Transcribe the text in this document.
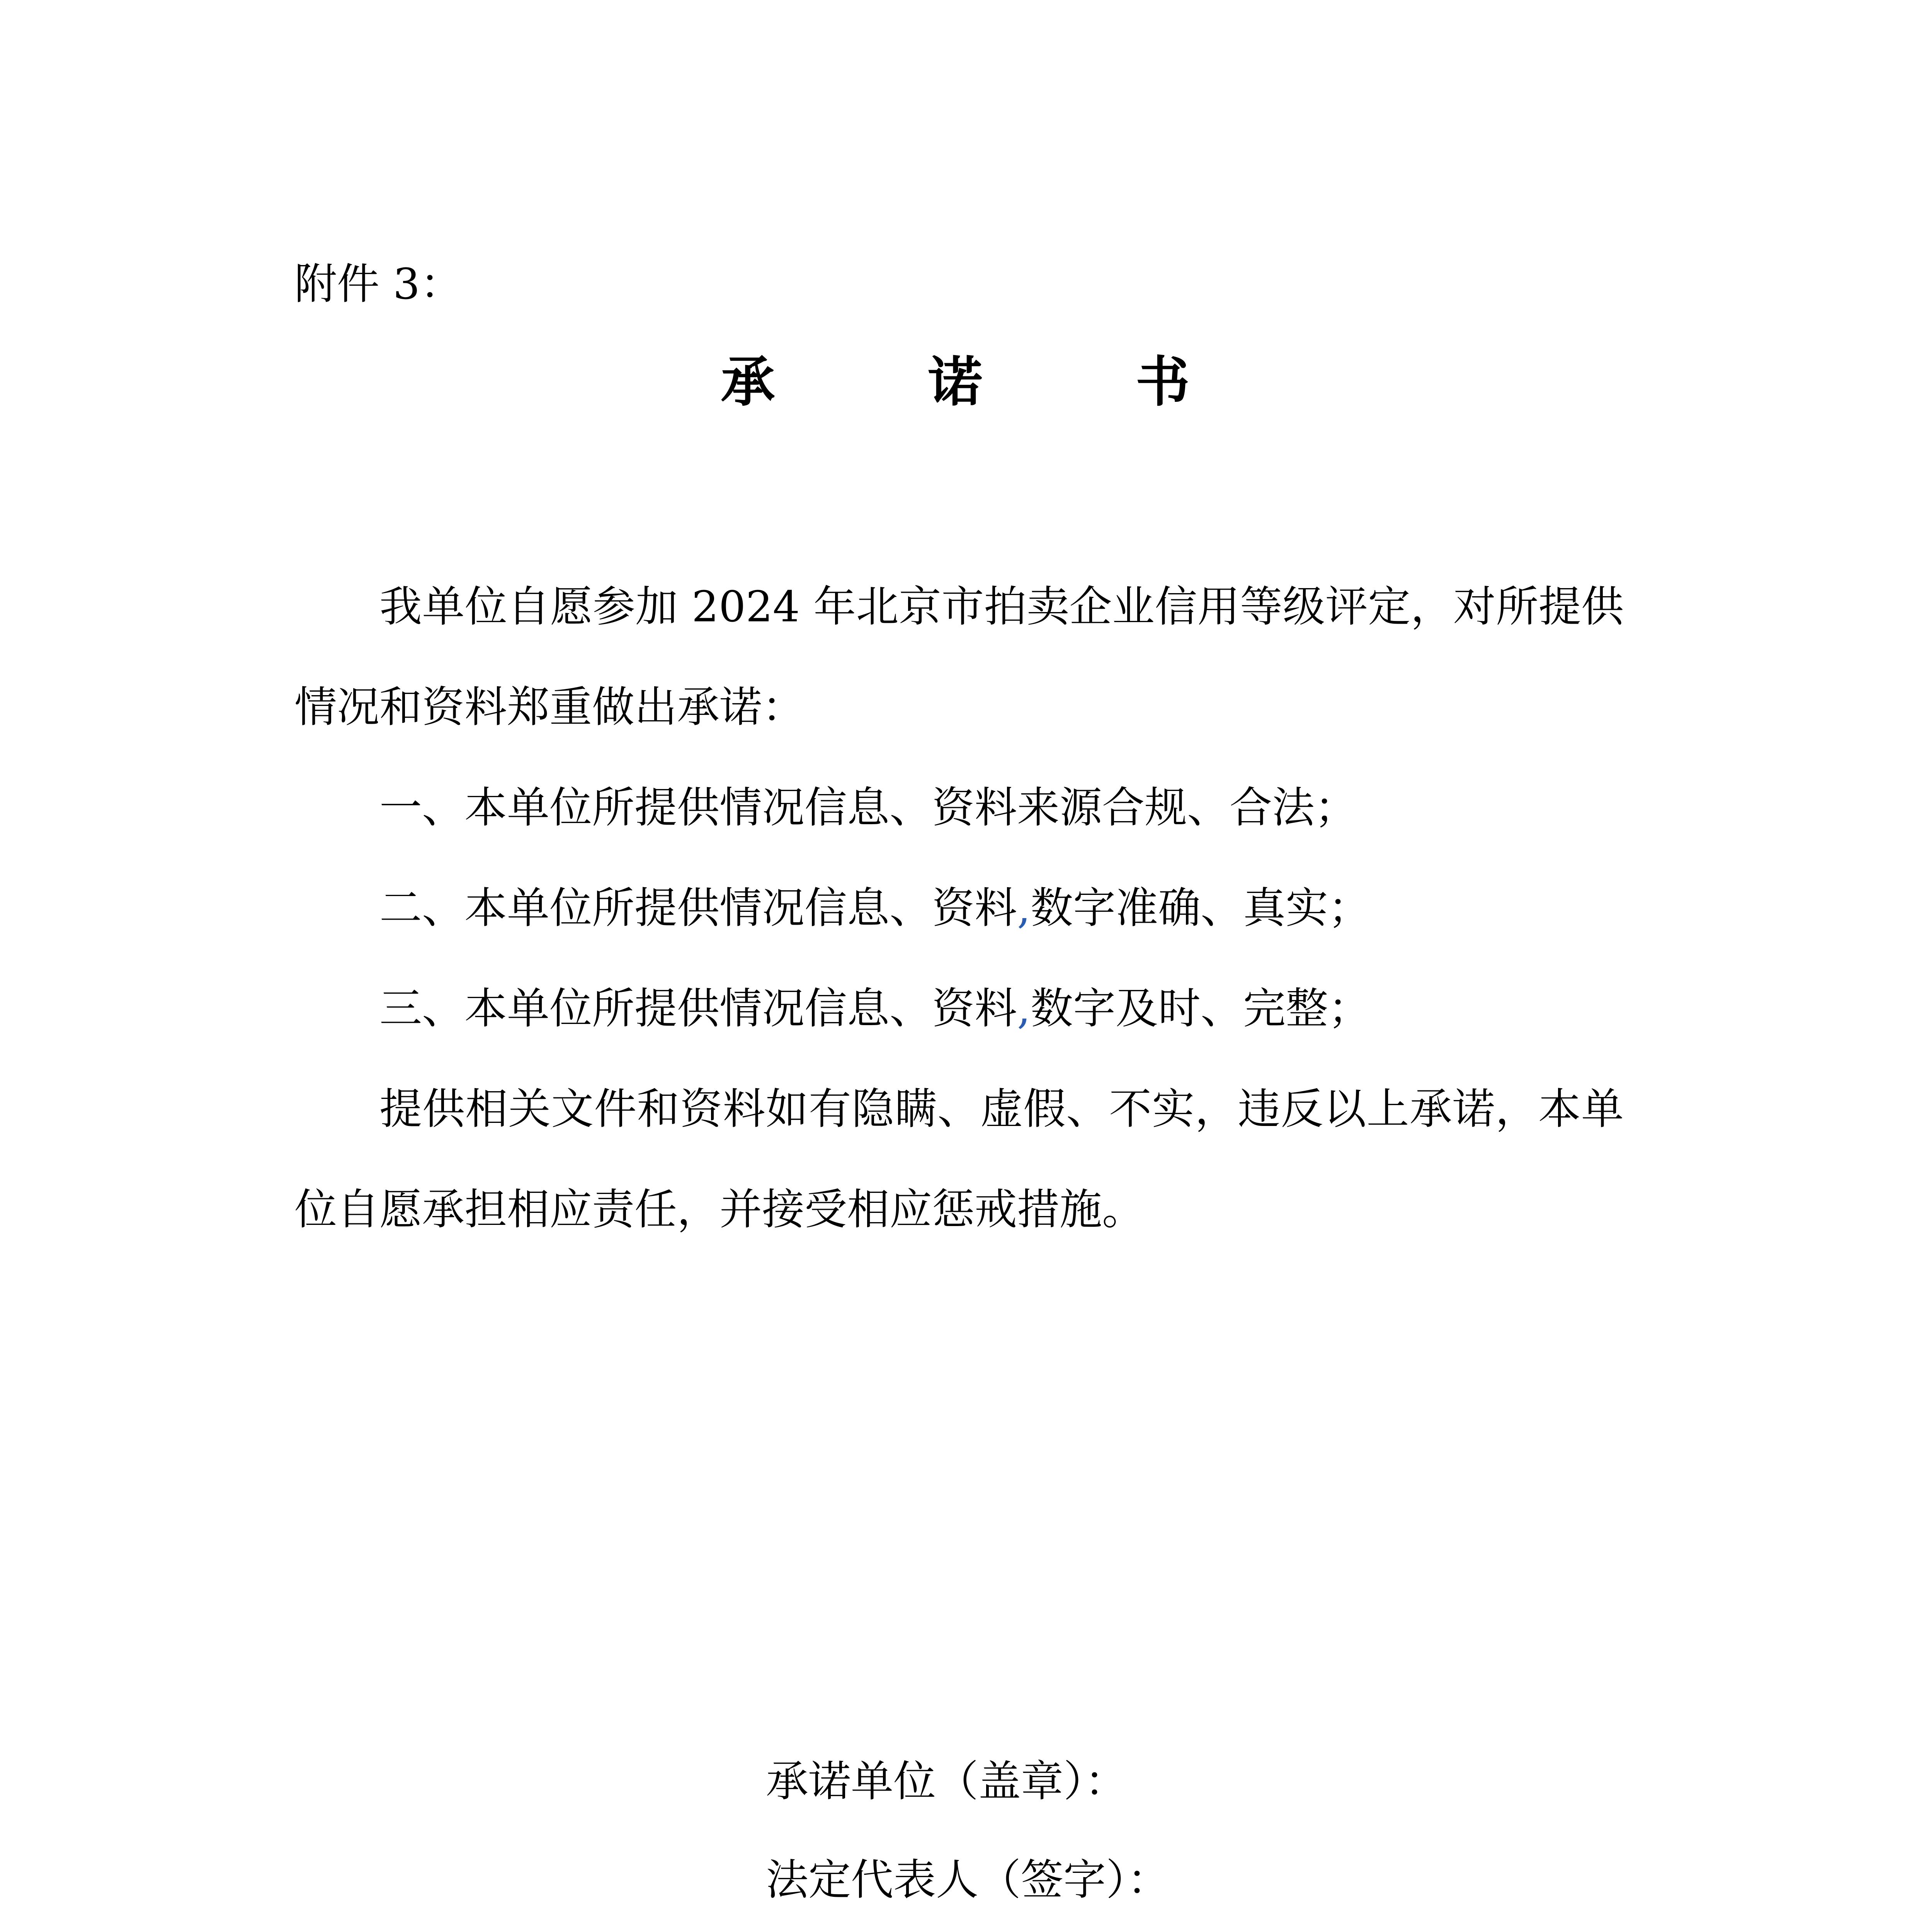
附件 3：
承	诺	书

我单位自愿参加 2024 年北京市拍卖企业信用等级评定，对所提供情况和资料郑重做出承诺：

一、本单位所提供情况信息、资料来源合规、合法；

二、本单位所提供情况信息、资料,数字准确、真实；

三、本单位所提供情况信息、资料,数字及时、完整；

提供相关文件和资料如有隐瞒、虚假、不实，违反以上承诺，本单位自愿承担相应责任，并接受相应惩戒措施。

承诺单位（盖章）：
法定代表人（签字）：
